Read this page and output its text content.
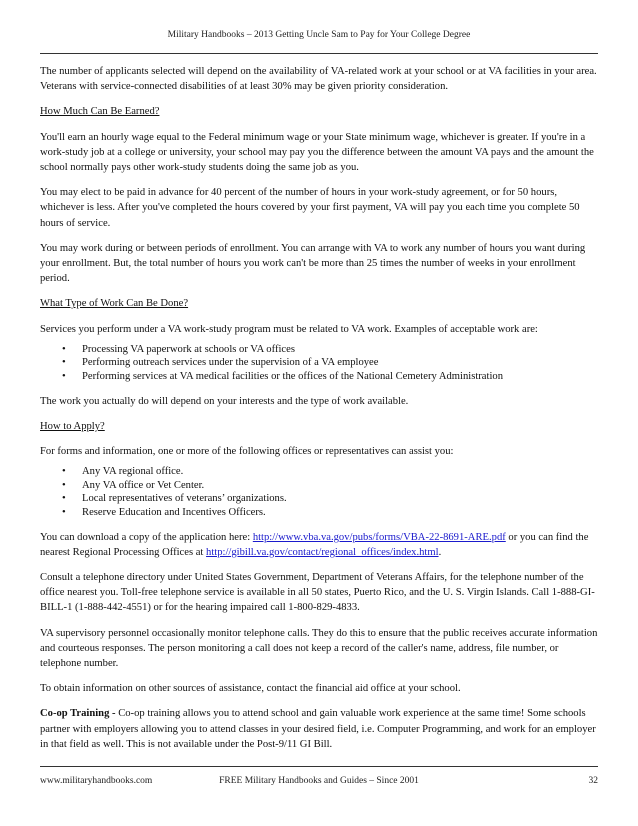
Military Handbooks – 2013 Getting Uncle Sam to Pay for Your College Degree

The number of applicants selected will depend on the availability of VA-related work at your school or at VA facilities in your area. Veterans with service-connected disabilities of at least 30% may be given priority consideration.

How Much Can Be Earned?

You'll earn an hourly wage equal to the Federal minimum wage or your State minimum wage, whichever is greater. If you're in a work-study job at a college or university, your school may pay you the difference between the amount VA pays and the amount the school normally pays other work-study students doing the same job as you.

You may elect to be paid in advance for 40 percent of the number of hours in your work-study agreement, or for 50 hours, whichever is less. After you've completed the hours covered by your first payment, VA will pay you each time you complete 50 hours of service.

You may work during or between periods of enrollment. You can arrange with VA to work any number of hours you want during your enrollment. But, the total number of hours you work can't be more than 25 times the number of weeks in your enrollment period.

What Type of Work Can Be Done?

Services you perform under a VA work-study program must be related to VA work. Examples of acceptable work are:

• Processing VA paperwork at schools or VA offices
• Performing outreach services under the supervision of a VA employee
• Performing services at VA medical facilities or the offices of the National Cemetery Administration

The work you actually do will depend on your interests and the type of work available.

How to Apply?

For forms and information, one or more of the following offices or representatives can assist you:

• Any VA regional office.
• Any VA office or Vet Center.
• Local representatives of veterans’ organizations.
• Reserve Education and Incentives Officers.

You can download a copy of the application here: http://www.vba.va.gov/pubs/forms/VBA-22-8691-ARE.pdf or you can find the nearest Regional Processing Offices at http://gibill.va.gov/contact/regional_offices/index.html.

Consult a telephone directory under United States Government, Department of Veterans Affairs, for the telephone number of the office nearest you. Toll-free telephone service is available in all 50 states, Puerto Rico, and the U. S. Virgin Islands. Call 1-888-GI-BILL-1 (1-888-442-4551) or for the hearing impaired call 1-800-829-4833.

VA supervisory personnel occasionally monitor telephone calls. They do this to ensure that the public receives accurate information and courteous responses. The person monitoring a call does not keep a record of the caller's name, address, file number, or telephone number.

To obtain information on other sources of assistance, contact the financial aid office at your school.

Co-op Training - Co-op training allows you to attend school and gain valuable work experience at the same time! Some schools partner with employers allowing you to attend classes in your desired field, i.e. Computer Programming, and work for an employer in that field as well. This is not available under the Post-9/11 GI Bill.

www.militaryhandbooks.com	FREE Military Handbooks and Guides – Since 2001	32
